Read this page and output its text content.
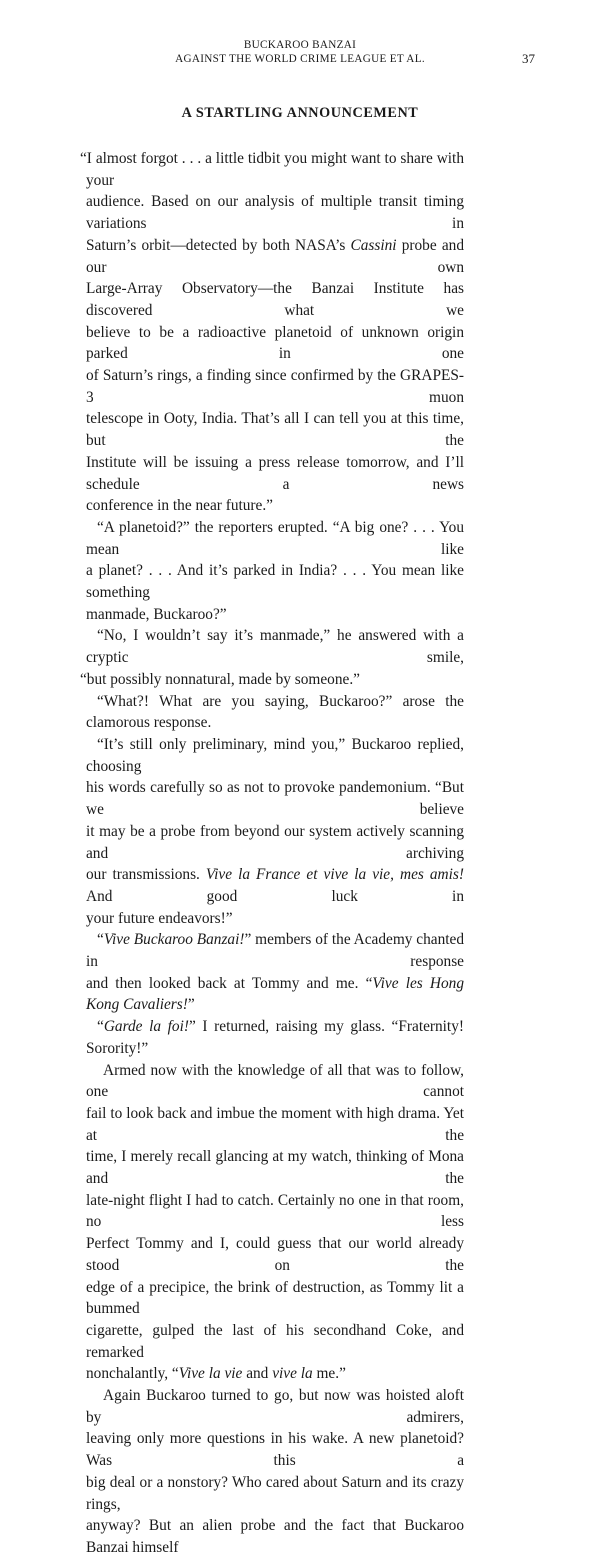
BUCKAROO BANZAI
AGAINST THE WORLD CRIME LEAGUE ET AL.	37
A STARTLING ANNOUNCEMENT

“I almost forgot . . . a little tidbit you might want to share with your
audience. Based on our analysis of multiple transit timing variations in
Saturn’s orbit—detected by both NASA’s Cassini probe and our own
Large-Array Observatory—the Banzai Institute has discovered what we
believe to be a radioactive planetoid of unknown origin parked in one
of Saturn’s rings, a finding since confirmed by the GRAPES-3 muon
telescope in Ooty, India. That’s all I can tell you at this time, but the
Institute will be issuing a press release tomorrow, and I’ll schedule a news
conference in the near future.”

“A planetoid?” the reporters erupted. “A big one? . . . You mean like
a planet? . . . And it’s parked in India? . . . You mean like something
manmade, Buckaroo?”

“No, I wouldn’t say it’s manmade,” he answered with a cryptic smile,
“but possibly nonnatural, made by someone.”

“What?! What are you saying, Buckaroo?” arose the clamorous response.

“It’s still only preliminary, mind you,” Buckaroo replied, choosing
his words carefully so as not to provoke pandemonium. “But we believe
it may be a probe from beyond our system actively scanning and archiving
our transmissions. Vive la France et vive la vie, mes amis! And good luck in
your future endeavors!”

“Vive Buckaroo Banzai!” members of the Academy chanted in response
and then looked back at Tommy and me. “Vive les Hong Kong Cavaliers!”

“Garde la foi!” I returned, raising my glass. “Fraternity! Sorority!”

Armed now with the knowledge of all that was to follow, one cannot
fail to look back and imbue the moment with high drama. Yet at the
time, I merely recall glancing at my watch, thinking of Mona and the
late-night flight I had to catch. Certainly no one in that room, no less
Perfect Tommy and I, could guess that our world already stood on the
edge of a precipice, the brink of destruction, as Tommy lit a bummed
cigarette, gulped the last of his secondhand Coke, and remarked
nonchalantly, “Vive la vie and vive la me.”

Again Buckaroo turned to go, but now was hoisted aloft by admirers,
leaving only more questions in his wake. A new planetoid? Was this a
big deal or a nonstory? Who cared about Saturn and its crazy rings,
anyway? But an alien probe and the fact that Buckaroo Banzai himself
